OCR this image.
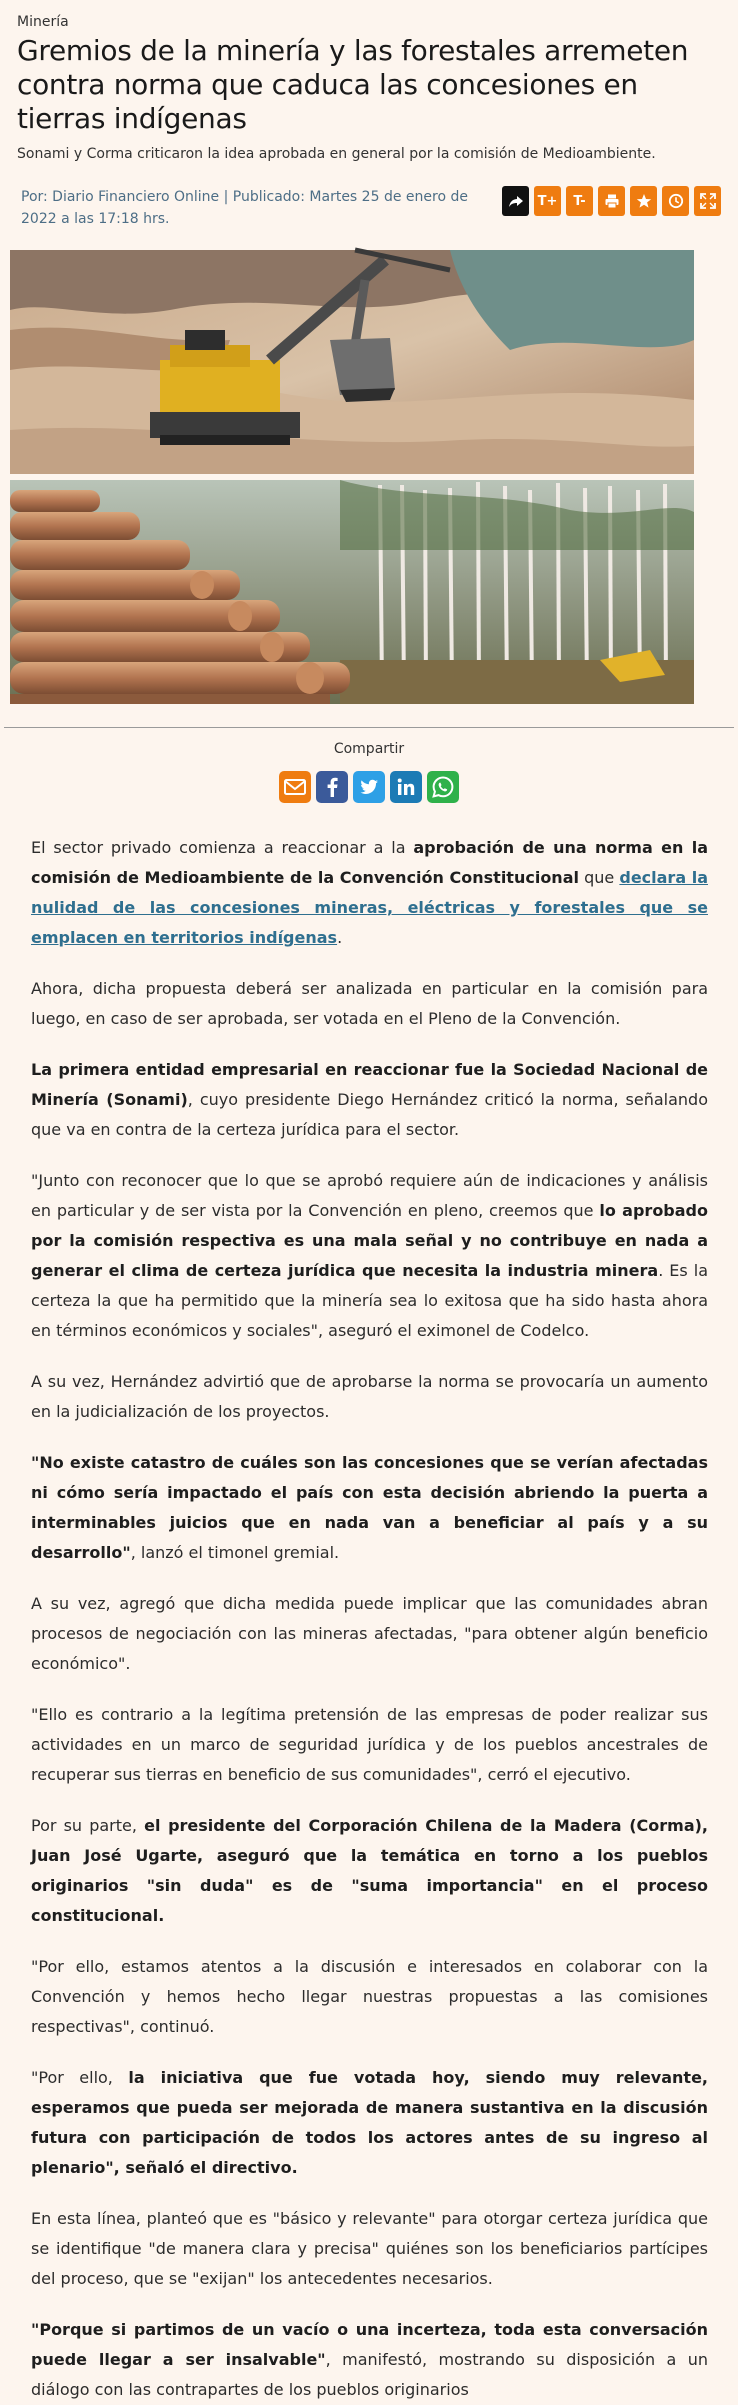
Minería
Gremios de la minería y las forestales arremeten contra norma que caduca las concesiones en tierras indígenas
Sonami y Corma criticaron la idea aprobada en general por la comisión de Medioambiente.
Por: Diario Financiero Online | Publicado: Martes 25 de enero de 2022 a las 17:18 hrs.
T+	T-
Compartir

El sector privado comienza a reaccionar a la aprobación de una norma en la comisión de Medioambiente de la Convención Constitucional que declara la nulidad de las concesiones mineras, eléctricas y forestales que se emplacen en territorios indígenas.

Ahora, dicha propuesta deberá ser analizada en particular en la comisión para luego, en caso de ser aprobada, ser votada en el Pleno de la Convención.

La primera entidad empresarial en reaccionar fue la Sociedad Nacional de Minería (Sonami), cuyo presidente Diego Hernández criticó la norma, señalando que va en contra de la certeza jurídica para el sector.

"Junto con reconocer que lo que se aprobó requiere aún de indicaciones y análisis en particular y de ser vista por la Convención en pleno, creemos que lo aprobado por la comisión respectiva es una mala señal y no contribuye en nada a generar el clima de certeza jurídica que necesita la industria minera. Es la certeza la que ha permitido que la minería sea lo exitosa que ha sido hasta ahora en términos económicos y sociales", aseguró el eximonel de Codelco.

A su vez, Hernández advirtió que de aprobarse la norma se provocaría un aumento en la judicialización de los proyectos.

"No existe catastro de cuáles son las concesiones que se verían afectadas ni cómo sería impactado el país con esta decisión abriendo la puerta a interminables juicios que en nada van a beneficiar al país y a su desarrollo", lanzó el timonel gremial.

A su vez, agregó que dicha medida puede implicar que las comunidades abran procesos de negociación con las mineras afectadas, "para obtener algún beneficio económico".

"Ello es contrario a la legítima pretensión de las empresas de poder realizar sus actividades en un marco de seguridad jurídica y de los pueblos ancestrales de recuperar sus tierras en beneficio de sus comunidades", cerró el ejecutivo.

Por su parte, el presidente del Corporación Chilena de la Madera (Corma), Juan José Ugarte, aseguró que la temática en torno a los pueblos originarios "sin duda" es de "suma importancia" en el proceso constitucional.

"Por ello, estamos atentos a la discusión e interesados en colaborar con la Convención y hemos hecho llegar nuestras propuestas a las comisiones respectivas", continuó.

"Por ello, la iniciativa que fue votada hoy, siendo muy relevante, esperamos que pueda ser mejorada de manera sustantiva en la discusión futura con participación de todos los actores antes de su ingreso al plenario", señaló el directivo.

En esta línea, planteó que es "básico y relevante" para otorgar certeza jurídica que se identifique "de manera clara y precisa" quiénes son los beneficiarios partícipes del proceso, que se "exijan" los antecedentes necesarios.

"Porque si partimos de un vacío o una incerteza, toda esta conversación puede llegar a ser insalvable", manifestó, mostrando su disposición a un diálogo con las contrapartes de los pueblos originarios
